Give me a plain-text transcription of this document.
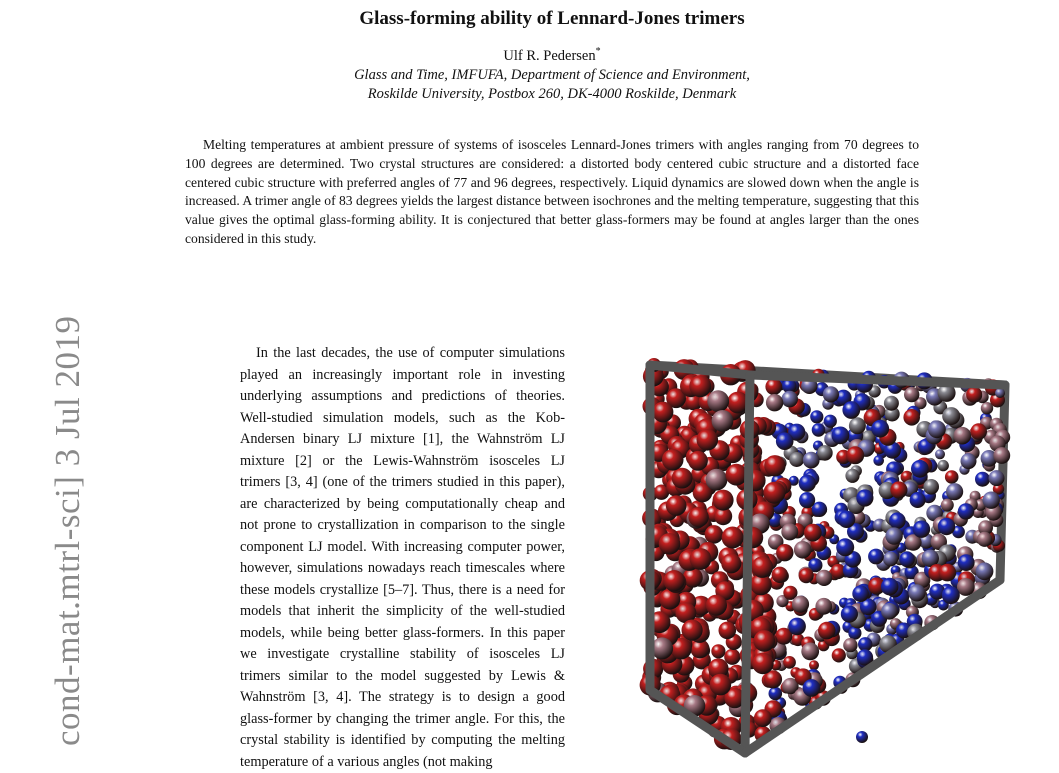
cond-mat.mtrl-sci] 3 Jul 2019
Glass-forming ability of Lennard-Jones trimers
Ulf R. Pedersen*
Glass and Time, IMFUFA, Department of Science and Environment,
Roskilde University, Postbox 260, DK-4000 Roskilde, Denmark
Melting temperatures at ambient pressure of systems of isosceles Lennard-Jones trimers with angles ranging from 70 degrees to 100 degrees are determined. Two crystal structures are considered: a distorted body centered cubic structure and a distorted face centered cubic structure with preferred angles of 77 and 96 degrees, respectively. Liquid dynamics are slowed down when the angle is increased. A trimer angle of 83 degrees yields the largest distance between isochrones and the melting temperature, suggesting that this value gives the optimal glass-forming ability. It is conjectured that better glass-formers may be found at angles larger than the ones considered in this study.
In the last decades, the use of computer simulations played an increasingly important role in investing underlying assumptions and predictions of theories. Well-studied simulation models, such as the Kob-Andersen binary LJ mixture [1], the Wahnström LJ mixture [2] or the Lewis-Wahnström isosceles LJ trimers [3, 4] (one of the trimers studied in this paper), are characterized by being computationally cheap and not prone to crystallization in comparison to the single component LJ model. With increasing computer power, however, simulations nowadays reach timescales where these models crystallize [5–7]. Thus, there is a need for models that inherit the simplicity of the well-studied models, while being better glass-formers. In this paper we investigate crystalline stability of isosceles LJ trimers similar to the model suggested by Lewis & Wahnström [3, 4]. The strategy is to design a good glass-former by changing the trimer angle. For this, the crystal stability is identified by computing the melting temperature of a various angles (not making
